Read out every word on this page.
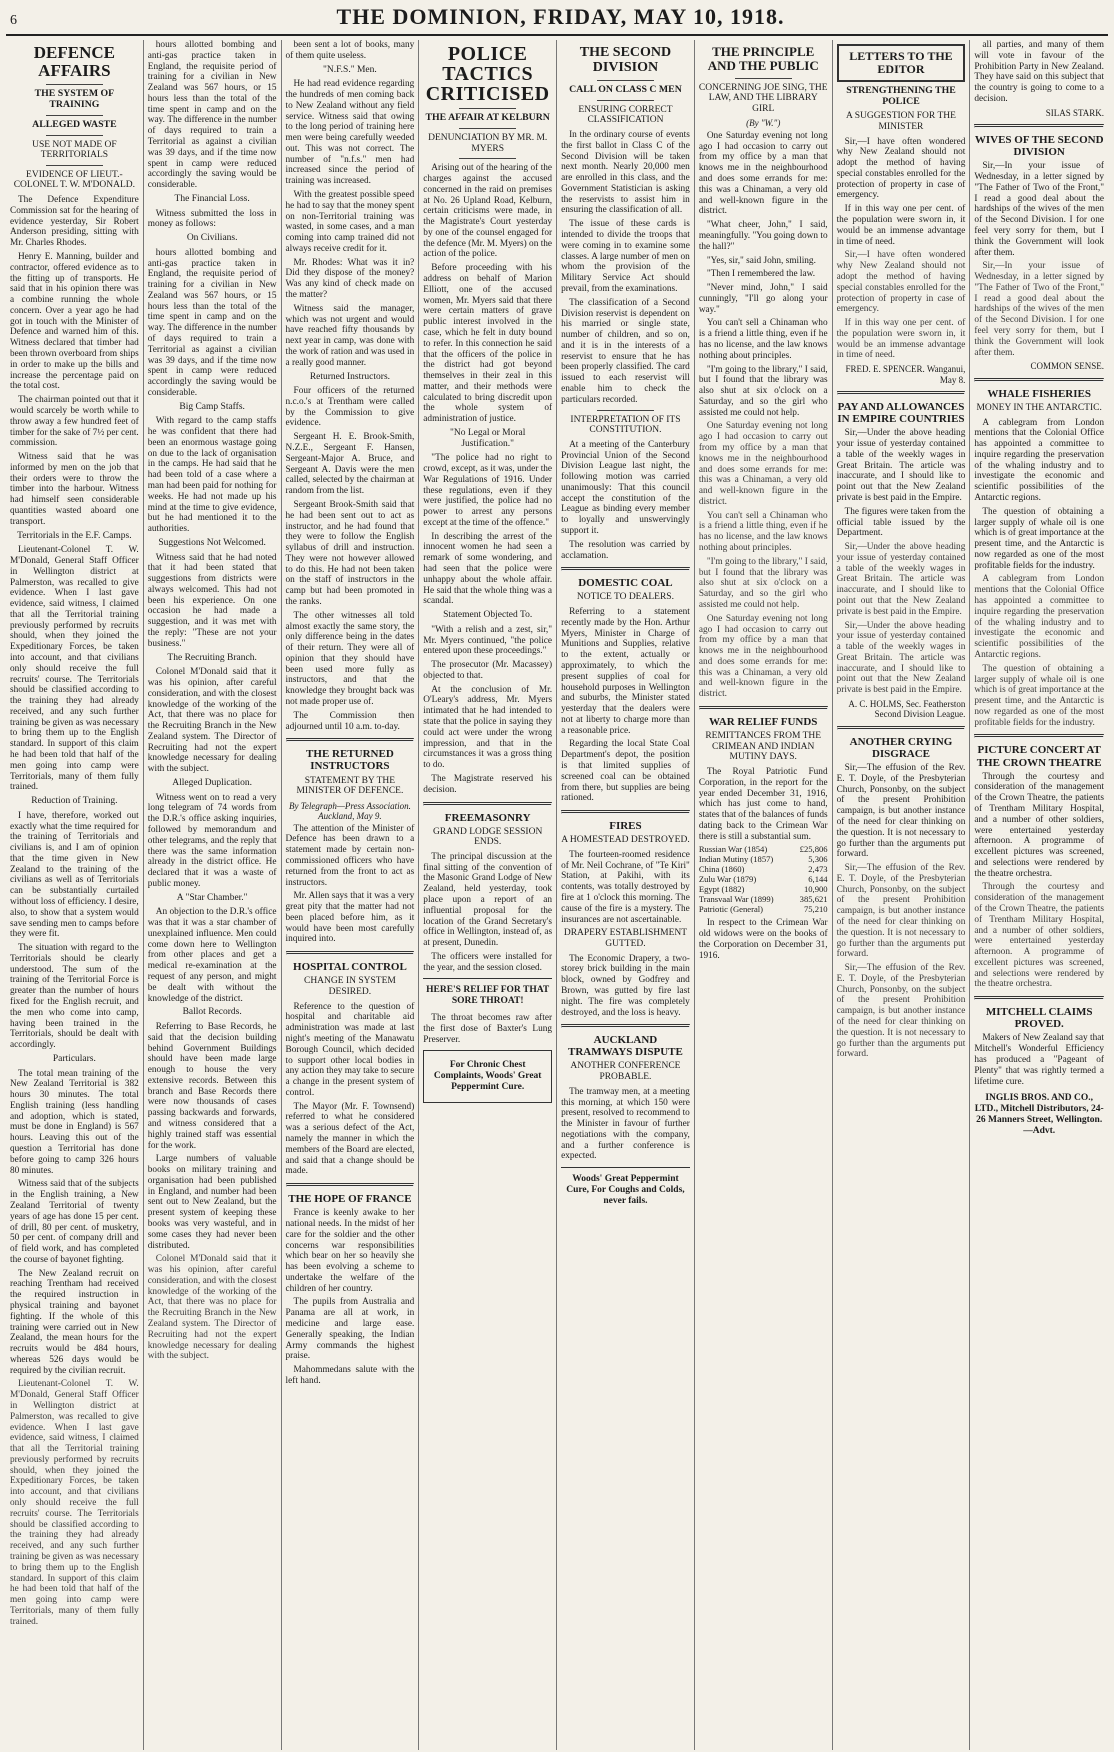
6	THE DOMINION, FRIDAY, MAY 10, 1918.
DEFENCE AFFAIRS
THE SYSTEM OF TRAINING
ALLEGED WASTE
USE NOT MADE OF TERRITORIALS
EVIDENCE OF LIEUT.-COLONEL T. W. M'DONALD.

The Defence Expenditure Commission sat for the hearing of evidence yesterday, Sir Robert Anderson presiding, sitting with Mr. Charles Rhodes.

Henry E. Manning, builder and contractor, offered evidence as to the fitting up of transports. He said that in his opinion there was a combine running the whole concern. Over a year ago he had got in touch with the Minister of Defence and warned him of this. Witness declared that timber had been thrown overboard from ships in order to make up the bills and increase the percentage paid on the total cost.

The chairman pointed out that it would scarcely be worth while to throw away a few hundred feet of timber for the sake of 7½ per cent. commission.

Witness said that he was informed by men on the job that their orders were to throw the timber into the harbour. Witness had himself seen considerable quantities wasted aboard one transport.

Territorials in the E.F. Camps.

Lieutenant-Colonel T. W. M'Donald, General Staff Officer in Wellington district at Palmerston, was recalled to give evidence. When I last gave evidence, said witness, I claimed that all the Territorial training previously performed by recruits should, when they joined the Expeditionary Forces, be taken into account, and that civilians only should receive the full recruits' course. The Territorials should be classified according to the training they had already received, and any such further training be given as was necessary to bring them up to the English standard. In support of this claim he had been told that half of the men going into camp were Territorials, many of them fully trained.

Reduction of Training.

I have, therefore, worked out exactly what the time required for the training of Territorials and civilians is, and I am of opinion that the time given in New Zealand to the training of the civilians as well as of Territorials can be substantially curtailed without loss of efficiency. I desire, also, to show that a system would save sending men to camps before they were fit.

The situation with regard to the Territorials should be clearly understood. The sum of the training of the Territorial Force is greater than the number of hours fixed for the English recruit, and the men who come into camp, having been trained in the Territorials, should be dealt with accordingly.

Particulars.

The total mean training of the New Zealand Territorial is 382 hours 30 minutes. The total English training (less handling and adoption, which is stated, must be done in England) is 567 hours. Leaving this out of the question a Territorial has done before going to camp 326 hours 80 minutes.

Witness said that of the subjects in the English training, a New Zealand Territorial of twenty years of age has done 15 per cent. of drill, 80 per cent. of musketry, 50 per cent. of company drill and of field work, and has completed the course of bayonet fighting.

The New Zealand recruit on reaching Trentham had received the required instruction in physical training and bayonet fighting. If the whole of this training were carried out in New Zealand, the mean hours for the recruits would be 484 hours, whereas 526 days would be required by the civilian recruit.

Lieutenant-Colonel T. W. M'Donald, General Staff Officer in Wellington district at Palmerston, was recalled to give evidence. When I last gave evidence, said witness, I claimed that all the Territorial training previously performed by recruits should, when they joined the Expeditionary Forces, be taken into account, and that civilians only should receive the full recruits' course. The Territorials should be classified according to the training they had already received, and any such further training be given as was necessary to bring them up to the English standard. In support of this claim he had been told that half of the men going into camp were Territorials, many of them fully trained.

hours allotted bombing and anti-gas practice taken in England, the requisite period of training for a civilian in New Zealand was 567 hours, or 15 hours less than the total of the time spent in camp and on the way. The difference in the number of days required to train a Territorial as against a civilian was 39 days, and if the time now spent in camp were reduced accordingly the saving would be considerable.

The Financial Loss.

Witness submitted the loss in money as follows:

On Civilians.

hours allotted bombing and anti-gas practice taken in England, the requisite period of training for a civilian in New Zealand was 567 hours, or 15 hours less than the total of the time spent in camp and on the way. The difference in the number of days required to train a Territorial as against a civilian was 39 days, and if the time now spent in camp were reduced accordingly the saving would be considerable.

Big Camp Staffs.

With regard to the camp staffs he was confident that there had been an enormous wastage going on due to the lack of organisation in the camps. He had said that he had been told of a case where a man had been paid for nothing for weeks. He had not made up his mind at the time to give evidence, but he had mentioned it to the authorities.

Suggestions Not Welcomed.

Witness said that he had noted that it had been stated that suggestions from districts were always welcomed. This had not been his experience. On one occasion he had made a suggestion, and it was met with the reply: "These are not your business."

The Recruiting Branch.

Colonel M'Donald said that it was his opinion, after careful consideration, and with the closest knowledge of the working of the Act, that there was no place for the Recruiting Branch in the New Zealand system. The Director of Recruiting had not the expert knowledge necessary for dealing with the subject.

Alleged Duplication.

Witness went on to read a very long telegram of 74 words from the D.R.'s office asking inquiries, followed by memorandum and other telegrams, and the reply that there was the same information already in the district office. He declared that it was a waste of public money.

A "Star Chamber."

An objection to the D.R.'s office was that it was a star chamber of unexplained influence. Men could come down here to Wellington from other places and get a medical re-examination at the request of any person, and might be dealt with without the knowledge of the district.

Ballot Records.

Referring to Base Records, he said that the decision building behind Government Buildings should have been made large enough to house the very extensive records. Between this branch and Base Records there were now thousands of cases passing backwards and forwards, and witness considered that a highly trained staff was essential for the work.

Large numbers of valuable books on military training and organisation had been published in England, and number had been sent out to New Zealand, but the present system of keeping these books was very wasteful, and in some cases they had never been distributed.

Colonel M'Donald said that it was his opinion, after careful consideration, and with the closest knowledge of the working of the Act, that there was no place for the Recruiting Branch in the New Zealand system. The Director of Recruiting had not the expert knowledge necessary for dealing with the subject.

been sent a lot of books, many of them quite useless.

"N.F.S." Men.

He had read evidence regarding the hundreds of men coming back to New Zealand without any field service. Witness said that owing to the long period of training here men were being carefully weeded out. This was not correct. The number of "n.f.s." men had increased since the period of training was increased.

With the greatest possible speed he had to say that the money spent on non-Territorial training was wasted, in some cases, and a man coming into camp trained did not always receive credit for it.

Mr. Rhodes: What was it in? Did they dispose of the money? Was any kind of check made on the matter?

Witness said the manager, which was not urgent and would have reached fifty thousands by next year in camp, was done with the work of ration and was used in a really good manner.

Returned Instructors.

Four officers of the returned n.c.o.'s at Trentham were called by the Commission to give evidence.

Sergeant H. E. Brook-Smith, N.Z.E., Sergeant F. Hansen, Sergeant-Major A. Bruce, and Sergeant A. Davis were the men called, selected by the chairman at random from the list.

Sergeant Brook-Smith said that he had been sent out to act as instructor, and he had found that they were to follow the English syllabus of drill and instruction. They were not however allowed to do this. He had not been taken on the staff of instructors in the camp but had been promoted in the ranks.

The other witnesses all told almost exactly the same story, the only difference being in the dates of their return. They were all of opinion that they should have been used more fully as instructors, and that the knowledge they brought back was not made proper use of.

The Commission then adjourned until 10 a.m. to-day.

THE RETURNED INSTRUCTORS
STATEMENT BY THE MINISTER OF DEFENCE.
By Telegraph—Press Association. Auckland, May 9.

The attention of the Minister of Defence has been drawn to a statement made by certain non-commissioned officers who have returned from the front to act as instructors.

Mr. Allen says that it was a very great pity that the matter had not been placed before him, as it would have been most carefully inquired into.

HOSPITAL CONTROL
CHANGE IN SYSTEM DESIRED.

Reference to the question of hospital and charitable aid administration was made at last night's meeting of the Manawatu Borough Council, which decided to support other local bodies in any action they may take to secure a change in the present system of control.

The Mayor (Mr. F. Townsend) referred to what he considered was a serious defect of the Act, namely the manner in which the members of the Board are elected, and said that a change should be made.

THE HOPE OF FRANCE

France is keenly awake to her national needs. In the midst of her care for the soldier and the other concerns war responsibilities which bear on her so heavily she has been evolving a scheme to undertake the welfare of the children of her country.

The pupils from Australia and Panama are all at work, in medicine and large ease. Generally speaking, the Indian Army commands the highest praise.

Mahommedans salute with the left hand.

POLICE TACTICS CRITICISED
THE AFFAIR AT KELBURN
DENUNCIATION BY MR. M. MYERS

Arising out of the hearing of the charges against the accused concerned in the raid on premises at No. 26 Upland Road, Kelburn, certain criticisms were made, in the Magistrate's Court yesterday by one of the counsel engaged for the defence (Mr. M. Myers) on the action of the police.

Before proceeding with his address on behalf of Marion Elliott, one of the accused women, Mr. Myers said that there were certain matters of grave public interest involved in the case, which he felt in duty bound to refer. In this connection he said that the officers of the police in the district had got beyond themselves in their zeal in this matter, and their methods were calculated to bring discredit upon the whole system of administration of justice.

"No Legal or Moral Justification."

"The police had no right to crowd, except, as it was, under the War Regulations of 1916. Under these regulations, even if they were justified, the police had no power to arrest any persons except at the time of the offence."

In describing the arrest of the innocent women he had seen a remark of some wondering, and had seen that the police were unhappy about the whole affair. He said that the whole thing was a scandal.

Statement Objected To.

"With a relish and a zest, sir," Mr. Myers continued, "the police entered upon these proceedings."

The prosecutor (Mr. Macassey) objected to that.

At the conclusion of Mr. O'Leary's address, Mr. Myers intimated that he had intended to state that the police in saying they could act were under the wrong impression, and that in the circumstances it was a gross thing to do.

The Magistrate reserved his decision.

FREEMASONRY
GRAND LODGE SESSION ENDS.

The principal discussion at the final sitting of the convention of the Masonic Grand Lodge of New Zealand, held yesterday, took place upon a report of an influential proposal for the location of the Grand Secretary's office in Wellington, instead of, as at present, Dunedin.

The officers were installed for the year, and the session closed.

HERE'S RELIEF FOR THAT SORE THROAT!

The throat becomes raw after the first dose of Baxter's Lung Preserver.

For Chronic Chest Complaints, Woods' Great Peppermint Cure.
THE SECOND DIVISION
CALL ON CLASS C MEN
ENSURING CORRECT CLASSIFICATION

In the ordinary course of events the first ballot in Class C of the Second Division will be taken next month. Nearly 20,000 men are enrolled in this class, and the Government Statistician is asking the reservists to assist him in ensuring the classification of all.

The issue of these cards is intended to divide the troops that were coming in to examine some classes. A large number of men on whom the provision of the Military Service Act should prevail, from the examinations.

The classification of a Second Division reservist is dependent on his married or single state, number of children, and so on, and it is in the interests of a reservist to ensure that he has been properly classified. The card issued to each reservist will enable him to check the particulars recorded.

INTERPRETATION OF ITS CONSTITUTION.

At a meeting of the Canterbury Provincial Union of the Second Division League last night, the following motion was carried unanimously: That this council accept the constitution of the League as binding every member to loyally and unswervingly support it.

The resolution was carried by acclamation.

DOMESTIC COAL
NOTICE TO DEALERS.

Referring to a statement recently made by the Hon. Arthur Myers, Minister in Charge of Munitions and Supplies, relative to the extent, actually or approximately, to which the present supplies of coal for household purposes in Wellington and suburbs, the Minister stated yesterday that the dealers were not at liberty to charge more than a reasonable price.

Regarding the local State Coal Department's depot, the position is that limited supplies of screened coal can be obtained from there, but supplies are being rationed.

FIRES
A HOMESTEAD DESTROYED.

The fourteen-roomed residence of Mr. Neil Cochrane, of "Te Kiri" Station, at Pakihi, with its contents, was totally destroyed by fire at 1 o'clock this morning. The cause of the fire is a mystery. The insurances are not ascertainable.

DRAPERY ESTABLISHMENT GUTTED.

The Economic Drapery, a two-storey brick building in the main block, owned by Godfrey and Brown, was gutted by fire last night. The fire was completely destroyed, and the loss is heavy.

AUCKLAND TRAMWAYS DISPUTE
ANOTHER CONFERENCE PROBABLE.

The tramway men, at a meeting this morning, at which 150 were present, resolved to recommend to the Minister in favour of further negotiations with the company, and a further conference is expected.

Woods' Great Peppermint Cure, For Coughs and Colds, never fails.
THE PRINCIPLE AND THE PUBLIC
CONCERNING JOE SING, THE LAW, AND THE LIBRARY GIRL
(By "W.")

One Saturday evening not long ago I had occasion to carry out from my office by a man that knows me in the neighbourhood and does some errands for me: this was a Chinaman, a very old and well-known figure in the district.

"What cheer, John," I said, meaningfully. "You going down to the hall?"

"Yes, sir," said John, smiling.

"Then I remembered the law.

"Never mind, John," I said cunningly, "I'll go along your way."

You can't sell a Chinaman who is a friend a little thing, even if he has no license, and the law knows nothing about principles.

"I'm going to the library," I said, but I found that the library was also shut at six o'clock on a Saturday, and so the girl who assisted me could not help.

One Saturday evening not long ago I had occasion to carry out from my office by a man that knows me in the neighbourhood and does some errands for me: this was a Chinaman, a very old and well-known figure in the district.

You can't sell a Chinaman who is a friend a little thing, even if he has no license, and the law knows nothing about principles.

"I'm going to the library," I said, but I found that the library was also shut at six o'clock on a Saturday, and so the girl who assisted me could not help.

One Saturday evening not long ago I had occasion to carry out from my office by a man that knows me in the neighbourhood and does some errands for me: this was a Chinaman, a very old and well-known figure in the district.

WAR RELIEF FUNDS
REMITTANCES FROM THE CRIMEAN AND INDIAN MUTINY DAYS.

The Royal Patriotic Fund Corporation, in the report for the year ended December 31, 1916, which has just come to hand, states that of the balances of funds dating back to the Crimean War there is still a substantial sum.

Russian War (1854)	£25,806
Indian Mutiny (1857)	5,306
China (1860)	2,473
Zulu War (1879)	6,144
Egypt (1882)	10,900
Transvaal War (1899)	385,621
Patriotic (General)	75,210

In respect to the Crimean War old widows were on the books of the Corporation on December 31, 1916.

LETTERS TO THE EDITOR
STRENGTHENING THE POLICE
A SUGGESTION FOR THE MINISTER

Sir,—I have often wondered why New Zealand should not adopt the method of having special constables enrolled for the protection of property in case of emergency.

If in this way one per cent. of the population were sworn in, it would be an immense advantage in time of need.

Sir,—I have often wondered why New Zealand should not adopt the method of having special constables enrolled for the protection of property in case of emergency.

If in this way one per cent. of the population were sworn in, it would be an immense advantage in time of need.

FRED. E. SPENCER. Wanganui, May 8.
PAY AND ALLOWANCES IN EMPIRE COUNTRIES

Sir,—Under the above heading your issue of yesterday contained a table of the weekly wages in Great Britain. The article was inaccurate, and I should like to point out that the New Zealand private is best paid in the Empire.

The figures were taken from the official table issued by the Department.

Sir,—Under the above heading your issue of yesterday contained a table of the weekly wages in Great Britain. The article was inaccurate, and I should like to point out that the New Zealand private is best paid in the Empire.

Sir,—Under the above heading your issue of yesterday contained a table of the weekly wages in Great Britain. The article was inaccurate, and I should like to point out that the New Zealand private is best paid in the Empire.

A. C. HOLMS, Sec. Featherston Second Division League.
ANOTHER CRYING DISGRACE

Sir,—The effusion of the Rev. E. T. Doyle, of the Presbyterian Church, Ponsonby, on the subject of the present Prohibition campaign, is but another instance of the need for clear thinking on the question. It is not necessary to go further than the arguments put forward.

Sir,—The effusion of the Rev. E. T. Doyle, of the Presbyterian Church, Ponsonby, on the subject of the present Prohibition campaign, is but another instance of the need for clear thinking on the question. It is not necessary to go further than the arguments put forward.

Sir,—The effusion of the Rev. E. T. Doyle, of the Presbyterian Church, Ponsonby, on the subject of the present Prohibition campaign, is but another instance of the need for clear thinking on the question. It is not necessary to go further than the arguments put forward.

all parties, and many of them will vote in favour of the Prohibition Party in New Zealand. They have said on this subject that the country is going to come to a decision.

SILAS STARK.
WIVES OF THE SECOND DIVISION

Sir,—In your issue of Wednesday, in a letter signed by "The Father of Two of the Front," I read a good deal about the hardships of the wives of the men of the Second Division. I for one feel very sorry for them, but I think the Government will look after them.

Sir,—In your issue of Wednesday, in a letter signed by "The Father of Two of the Front," I read a good deal about the hardships of the wives of the men of the Second Division. I for one feel very sorry for them, but I think the Government will look after them.

COMMON SENSE.
WHALE FISHERIES
MONEY IN THE ANTARCTIC.

A cablegram from London mentions that the Colonial Office has appointed a committee to inquire regarding the preservation of the whaling industry and to investigate the economic and scientific possibilities of the Antarctic regions.

The question of obtaining a larger supply of whale oil is one which is of great importance at the present time, and the Antarctic is now regarded as one of the most profitable fields for the industry.

A cablegram from London mentions that the Colonial Office has appointed a committee to inquire regarding the preservation of the whaling industry and to investigate the economic and scientific possibilities of the Antarctic regions.

The question of obtaining a larger supply of whale oil is one which is of great importance at the present time, and the Antarctic is now regarded as one of the most profitable fields for the industry.

PICTURE CONCERT AT THE CROWN THEATRE

Through the courtesy and consideration of the management of the Crown Theatre, the patients of Trentham Military Hospital, and a number of other soldiers, were entertained yesterday afternoon. A programme of excellent pictures was screened, and selections were rendered by the theatre orchestra.

Through the courtesy and consideration of the management of the Crown Theatre, the patients of Trentham Military Hospital, and a number of other soldiers, were entertained yesterday afternoon. A programme of excellent pictures was screened, and selections were rendered by the theatre orchestra.

MITCHELL CLAIMS PROVED.

Makers of New Zealand say that Mitchell's Wonderful Efficiency has produced a "Pageant of Plenty" that was rightly termed a lifetime cure.

INGLIS BROS. AND CO., LTD., Mitchell Distributors, 24-26 Manners Street, Wellington.—Advt.
